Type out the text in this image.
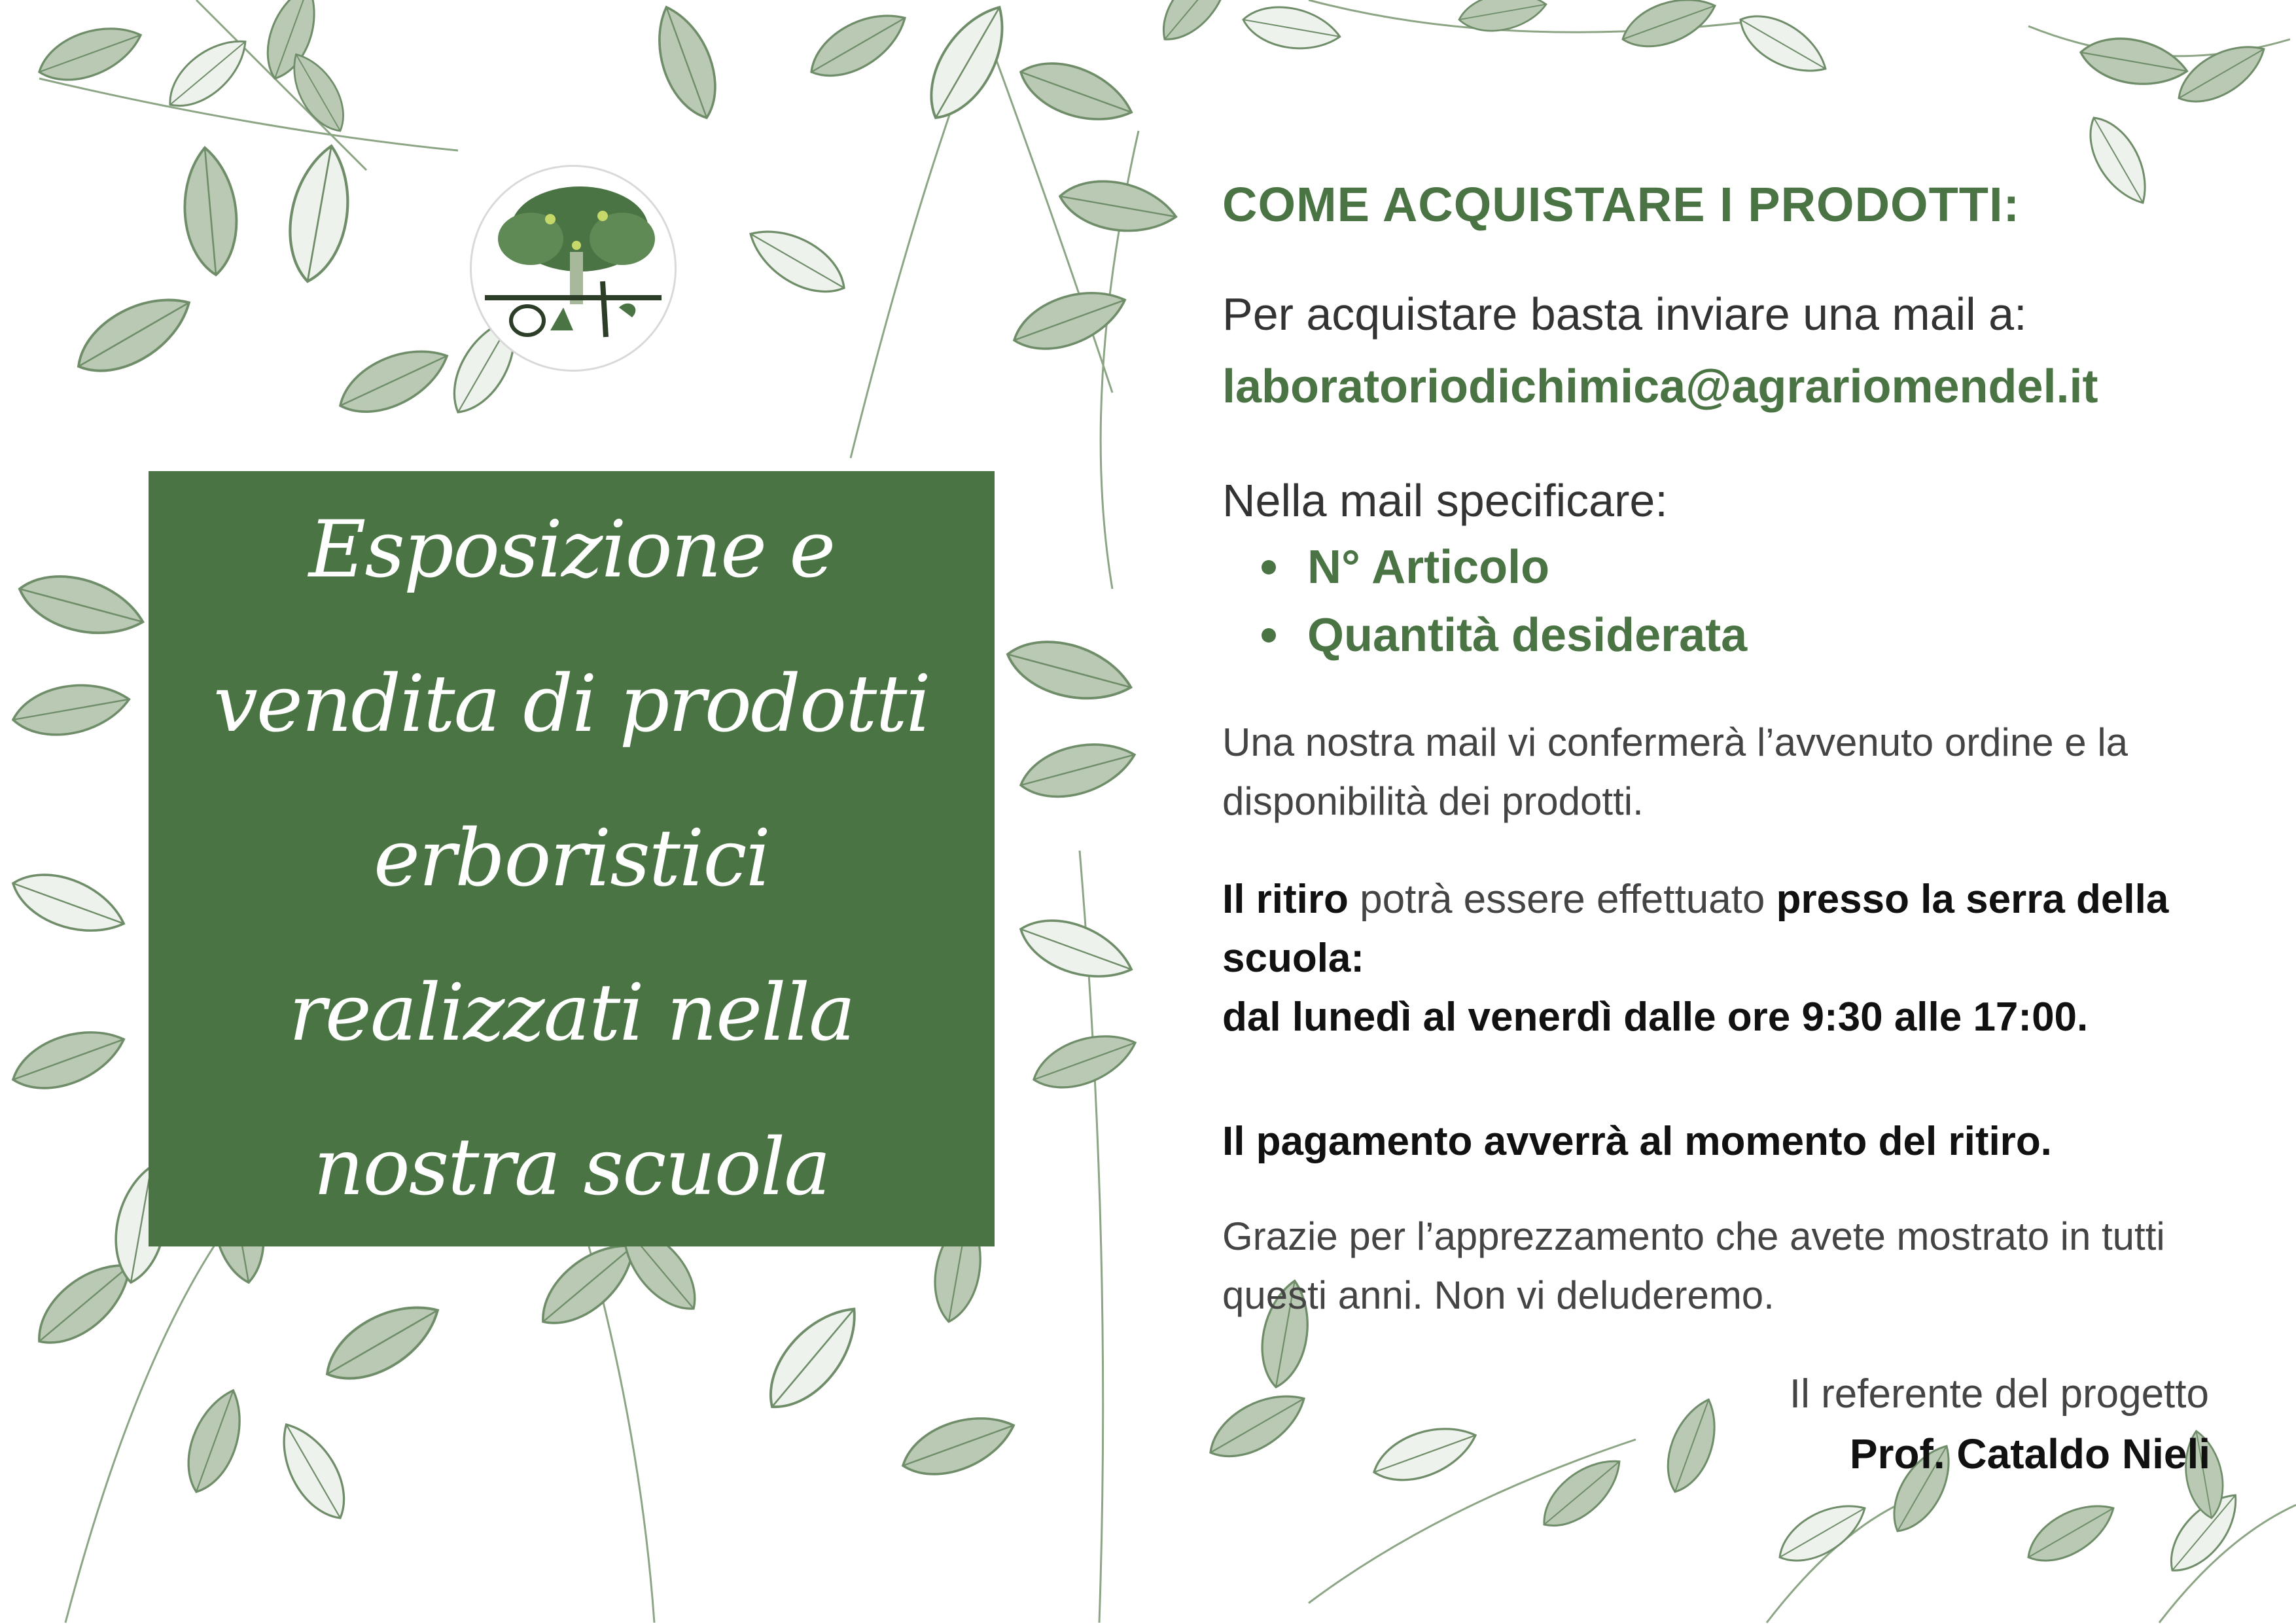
Esposizione e vendita di prodotti erboristici realizzati nella nostra scuola
COME ACQUISTARE I PRODOTTI:
Per acquistare basta inviare una mail a:
laboratoriodichimica@agrariomendel.it
Nella mail specificare:
N° Articolo
Quantità desiderata
Una nostra mail vi confermerà l’avvenuto ordine e la disponibilità dei prodotti.
Il ritiro potrà essere effettuato presso la serra della scuola:
dal lunedì al venerdì dalle ore 9:30 alle 17:00.
Il pagamento avverrà al momento del ritiro.
Grazie per l’apprezzamento che avete mostrato in tutti questi anni. Non vi deluderemo.
Il referente del progetto
Prof. Cataldo Nieli
